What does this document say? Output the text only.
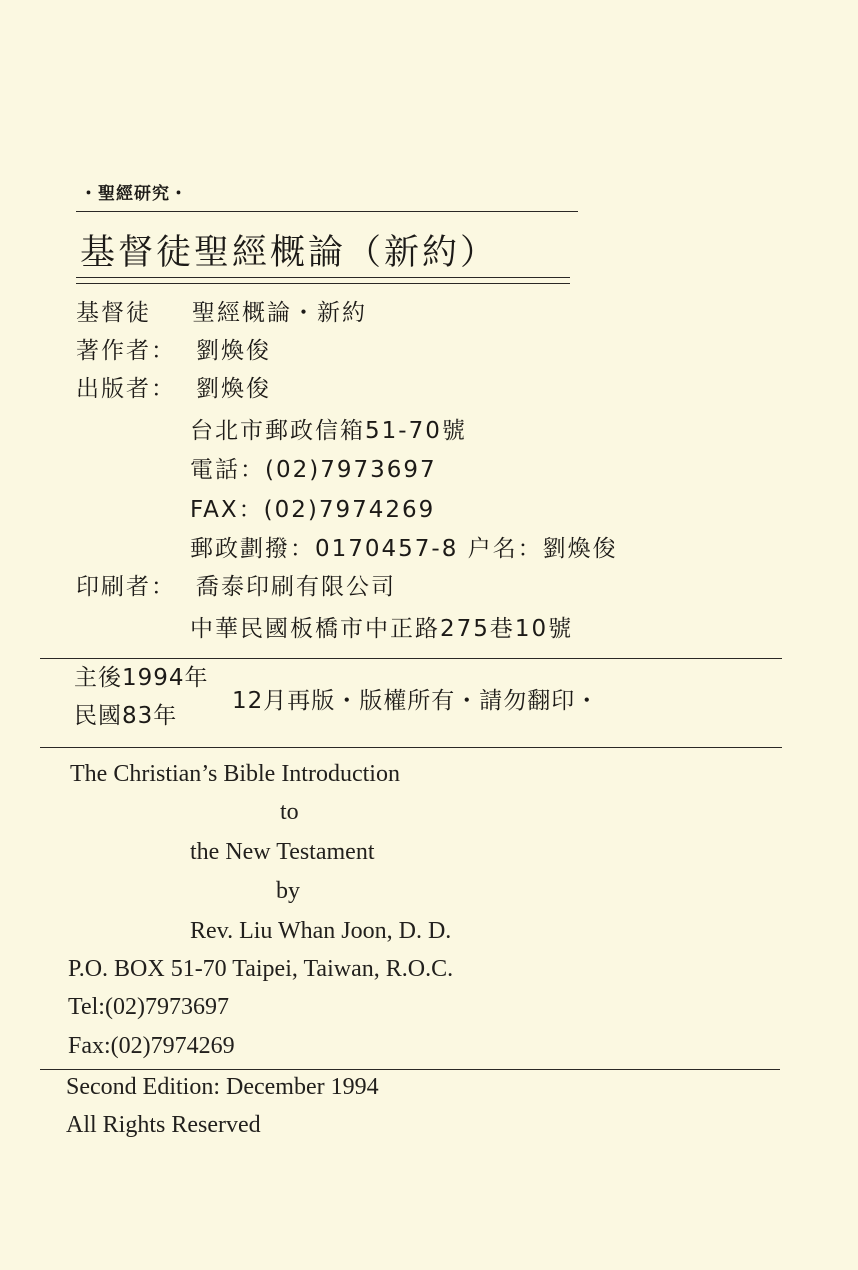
・聖經研究・
基督徒聖經概論（新約）
基督徒 聖經概論・新約
著作者： 劉煥俊
出版者： 劉煥俊
台北市郵政信箱51-70號
電話：(02)7973697
FAX：(02)7974269
郵政劃撥：0170457-8 户名：劉煥俊
印刷者： 喬泰印刷有限公司
中華民國板橋市中正路275巷10號
主後1994年
民國83年
12月再版・版權所有・請勿翻印・
The Christian’s Bible Introduction
to
the New Testament
by
Rev. Liu Whan Joon, D. D.
P.O. BOX 51-70 Taipei, Taiwan, R.O.C.
Tel:(02)7973697
Fax:(02)7974269
Second Edition: December 1994
All Rights Reserved
